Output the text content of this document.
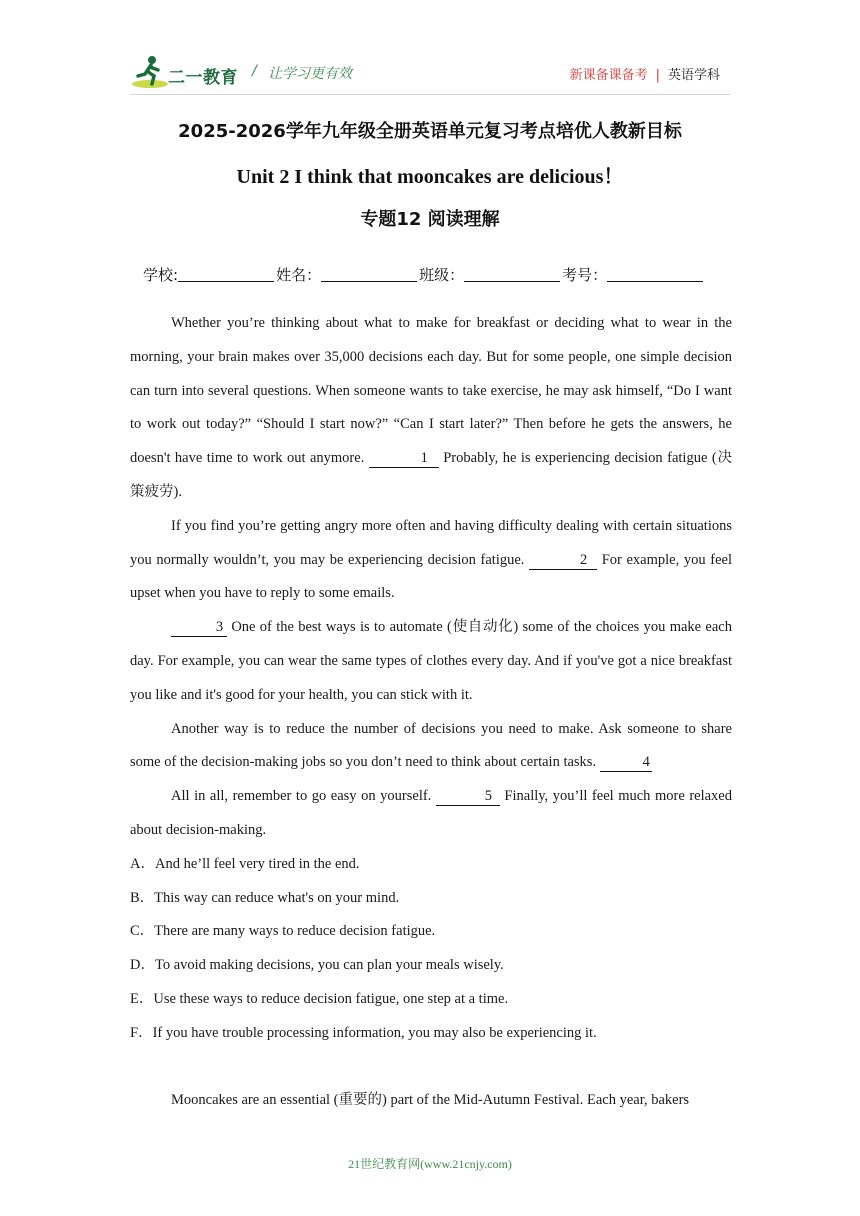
二一教育 / 让学习更有效	新课备课备考 | 英语学科
2025-2026学年九年级全册英语单元复习考点培优人教新目标
Unit 2 I think that mooncakes are delicious！
专题12 阅读理解
学校:	姓名：	班级：	考号：

Whether you’re thinking about what to make for breakfast or deciding what to wear in the morning, your brain makes over 35,000 decisions each day. But for some people, one simple decision can turn into several questions. When someone wants to take exercise, he may ask himself, “Do I want to work out today?” “Should I start now?” “Can I start later?” Then before he gets the answers, he doesn't have time to work out anymore.	1 Probably, he is experiencing decision fatigue (决策疲劳).

If you find you’re getting angry more often and having difficulty dealing with certain situations you normally wouldn’t, you may be experiencing decision fatigue.	2 For example, you feel upset when you have to reply to some emails.

3 One of the best ways is to automate (使自动化) some of the choices you make each day. For example, you can wear the same types of clothes every day. And if you've got a nice breakfast you like and it's good for your health, you can stick with it.

Another way is to reduce the number of decisions you need to make. Ask someone to share some of the decision-making jobs so you don’t need to think about certain tasks.	4

All in all, remember to go easy on yourself.	5 Finally, you’ll feel much more relaxed about decision-making.

A．And he’ll feel very tired in the end.

B．This way can reduce what's on your mind.

C．There are many ways to reduce decision fatigue.

D．To avoid making decisions, you can plan your meals wisely.

E．Use these ways to reduce decision fatigue, one step at a time.

F．If you have trouble processing information, you may also be experiencing it.

Mooncakes are an essential (重要的) part of the Mid-Autumn Festival. Each year, bakers

21世纪教育网(www.21cnjy.com)
